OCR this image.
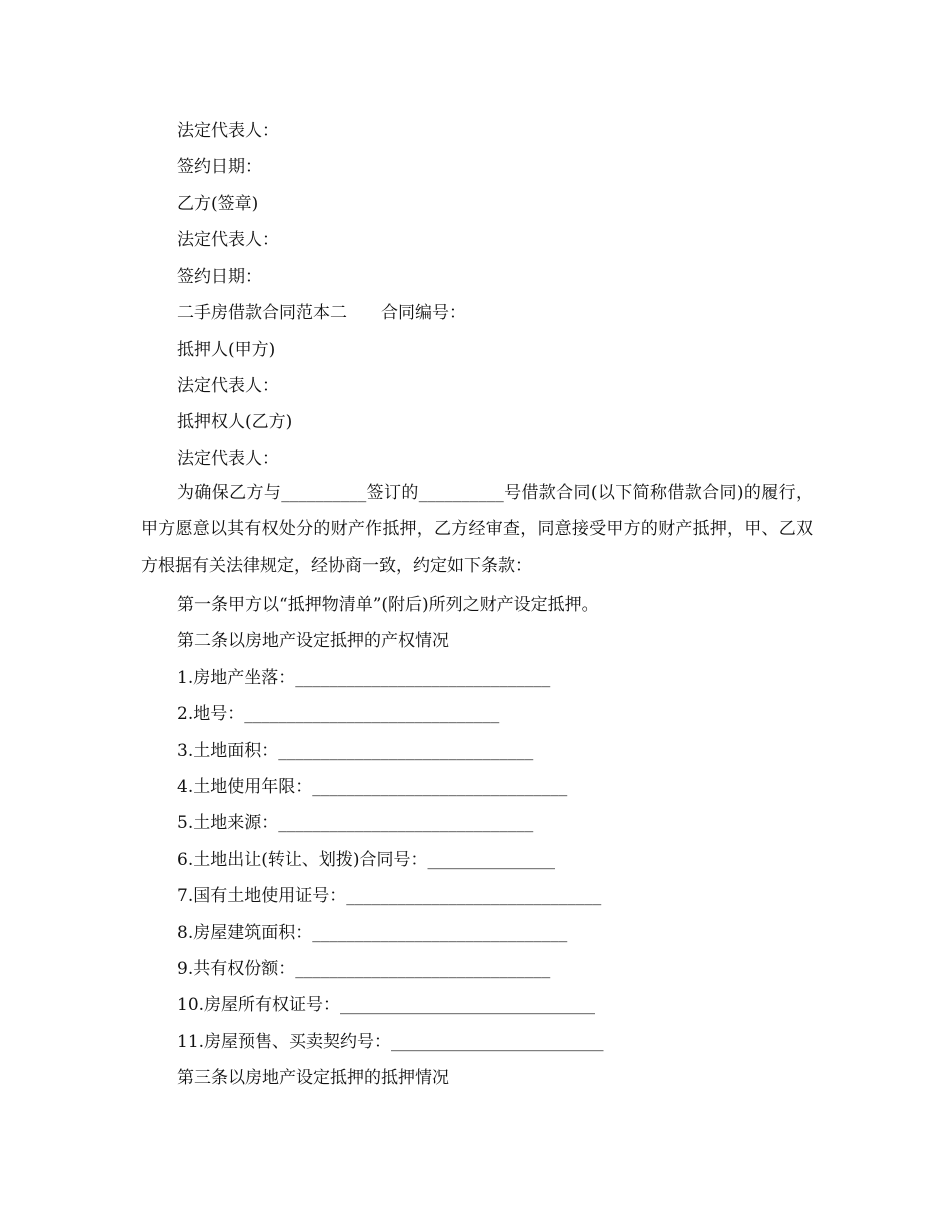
法定代表人：
签约日期：
乙方(签章)
法定代表人：
签约日期：
二手房借款合同范本二　　合同编号：
抵押人(甲方)
法定代表人：
抵押权人(乙方)
法定代表人：
为确保乙方与__________签订的__________号借款合同(以下简称借款合同)的履行，甲方愿意以其有权处分的财产作抵押，乙方经审查，同意接受甲方的财产抵押，甲、乙双方根据有关法律规定，经协商一致，约定如下条款：
第一条甲方以“抵押物清单”(附后)所列之财产设定抵押。
第二条以房地产设定抵押的产权情况
1.房地产坐落：______________________________
2.地号：______________________________
3.土地面积：______________________________
4.土地使用年限：______________________________
5.土地来源：______________________________
6.土地出让(转让、划拨)合同号：_______________
7.国有土地使用证号：______________________________
8.房屋建筑面积：______________________________
9.共有权份额：______________________________
10.房屋所有权证号：______________________________
11.房屋预售、买卖契约号：_________________________
第三条以房地产设定抵押的抵押情况
